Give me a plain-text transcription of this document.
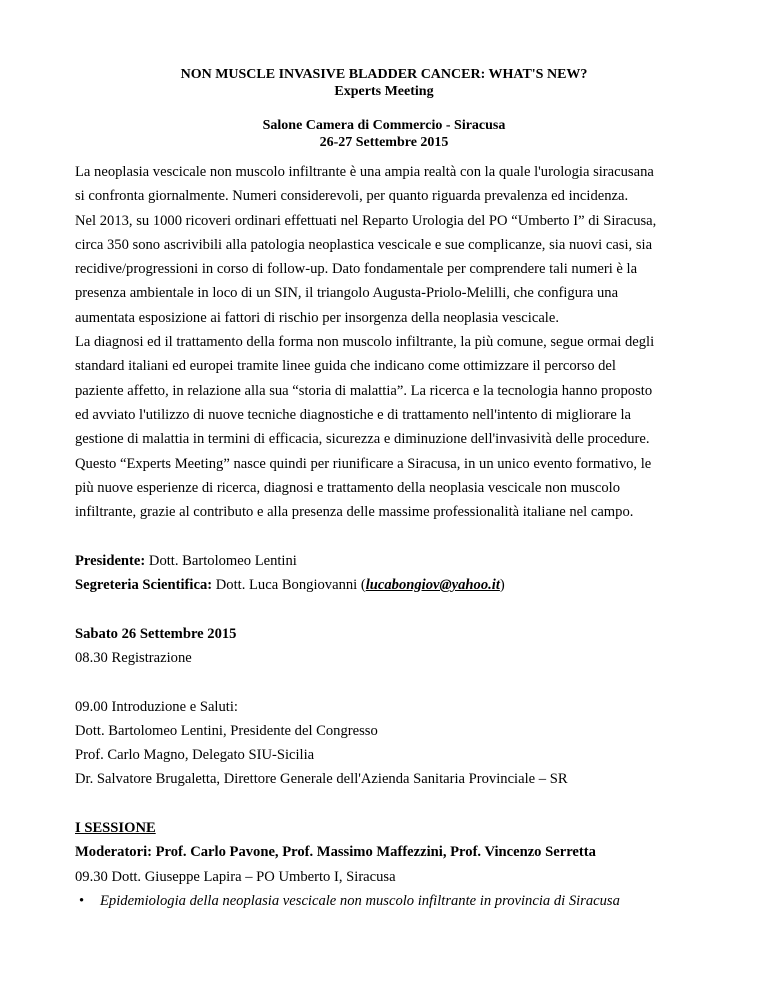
NON MUSCLE INVASIVE BLADDER CANCER: WHAT'S NEW?
Experts Meeting
Salone Camera di Commercio - Siracusa
26-27 Settembre 2015
La neoplasia vescicale non muscolo infiltrante è una ampia realtà con la quale l'urologia siracusana
si confronta giornalmente. Numeri considerevoli, per quanto riguarda prevalenza ed incidenza.
Nel 2013, su 1000 ricoveri ordinari effettuati nel Reparto Urologia del PO “Umberto I” di Siracusa,
circa 350 sono ascrivibili alla patologia neoplastica vescicale e sue complicanze, sia nuovi casi, sia
recidive/progressioni in corso di follow-up. Dato fondamentale per comprendere tali numeri è la
presenza ambientale in loco di un SIN, il triangolo Augusta-Priolo-Melilli, che configura una
aumentata esposizione ai fattori di rischio per insorgenza della neoplasia vescicale.
La diagnosi ed il trattamento della forma non muscolo infiltrante, la più comune, segue ormai degli
standard italiani ed europei tramite linee guida che indicano come ottimizzare il percorso del
paziente affetto, in relazione alla sua “storia di malattia”. La ricerca e la tecnologia hanno proposto
ed avviato l'utilizzo di nuove tecniche diagnostiche e di trattamento nell'intento di migliorare la
gestione di malattia in termini di efficacia, sicurezza e diminuzione dell'invasività delle procedure.
Questo “Experts Meeting” nasce quindi per riunificare a Siracusa, in un unico evento formativo, le
più nuove esperienze di ricerca, diagnosi e trattamento della neoplasia vescicale non muscolo
infiltrante, grazie al contributo e alla presenza delle massime professionalità italiane nel campo.
Presidente: Dott. Bartolomeo Lentini
Segreteria Scientifica: Dott. Luca Bongiovanni (lucabongiov@yahoo.it)
Sabato 26 Settembre 2015
08.30 Registrazione
09.00 Introduzione e Saluti:
Dott. Bartolomeo Lentini, Presidente del Congresso
Prof. Carlo Magno, Delegato SIU-Sicilia
Dr. Salvatore Brugaletta, Direttore Generale dell'Azienda Sanitaria Provinciale – SR
I SESSIONE
Moderatori: Prof. Carlo Pavone, Prof. Massimo Maffezzini, Prof. Vincenzo Serretta
09.30 Dott. Giuseppe Lapira – PO Umberto I, Siracusa
• Epidemiologia della neoplasia vescicale non muscolo infiltrante in provincia di Siracusa
